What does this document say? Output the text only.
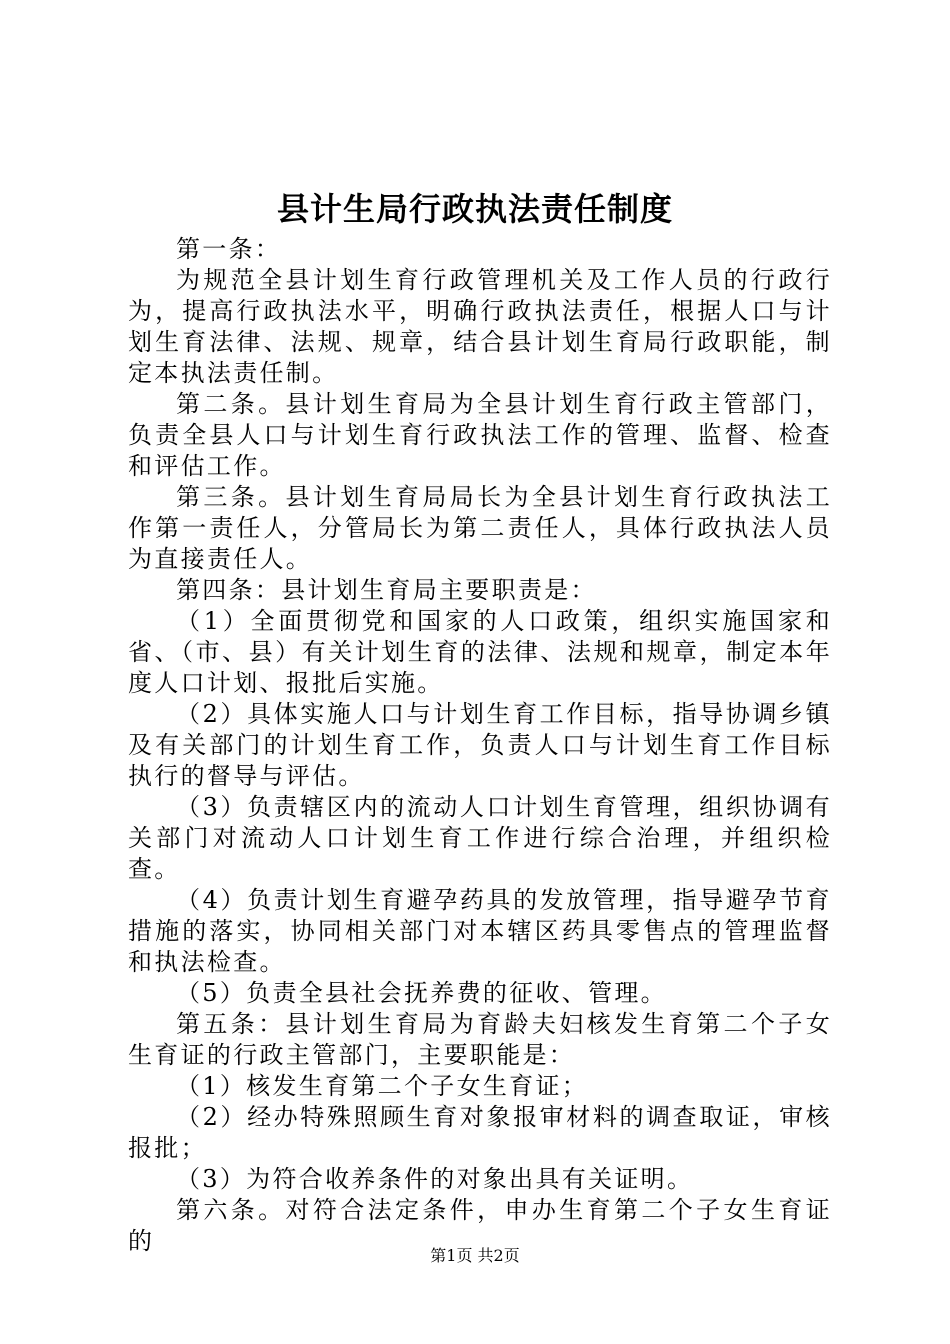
县计生局行政执法责任制度

第一条：

为规范全县计划生育行政管理机关及工作人员的行政行为，提高行政执法水平，明确行政执法责任，根据人口与计划生育法律、法规、规章，结合县计划生育局行政职能，制定本执法责任制。

第二条。县计划生育局为全县计划生育行政主管部门，负责全县人口与计划生育行政执法工作的管理、监督、检查和评估工作。

第三条。县计划生育局局长为全县计划生育行政执法工作第一责任人，分管局长为第二责任人，具体行政执法人员为直接责任人。

第四条：县计划生育局主要职责是：

（1）全面贯彻党和国家的人口政策，组织实施国家和省、（市、县）有关计划生育的法律、法规和规章，制定本年度人口计划、报批后实施。

（2）具体实施人口与计划生育工作目标，指导协调乡镇及有关部门的计划生育工作，负责人口与计划生育工作目标执行的督导与评估。

（3）负责辖区内的流动人口计划生育管理，组织协调有关部门对流动人口计划生育工作进行综合治理，并组织检查。

（4）负责计划生育避孕药具的发放管理，指导避孕节育措施的落实，协同相关部门对本辖区药具零售点的管理监督和执法检查。

（5）负责全县社会抚养费的征收、管理。

第五条：县计划生育局为育龄夫妇核发生育第二个子女生育证的行政主管部门，主要职能是：

（1）核发生育第二个子女生育证；

（2）经办特殊照顾生育对象报审材料的调查取证，审核报批；

（3）为符合收养条件的对象出具有关证明。

第六条。对符合法定条件，申办生育第二个子女生育证的

第1页 共2页
